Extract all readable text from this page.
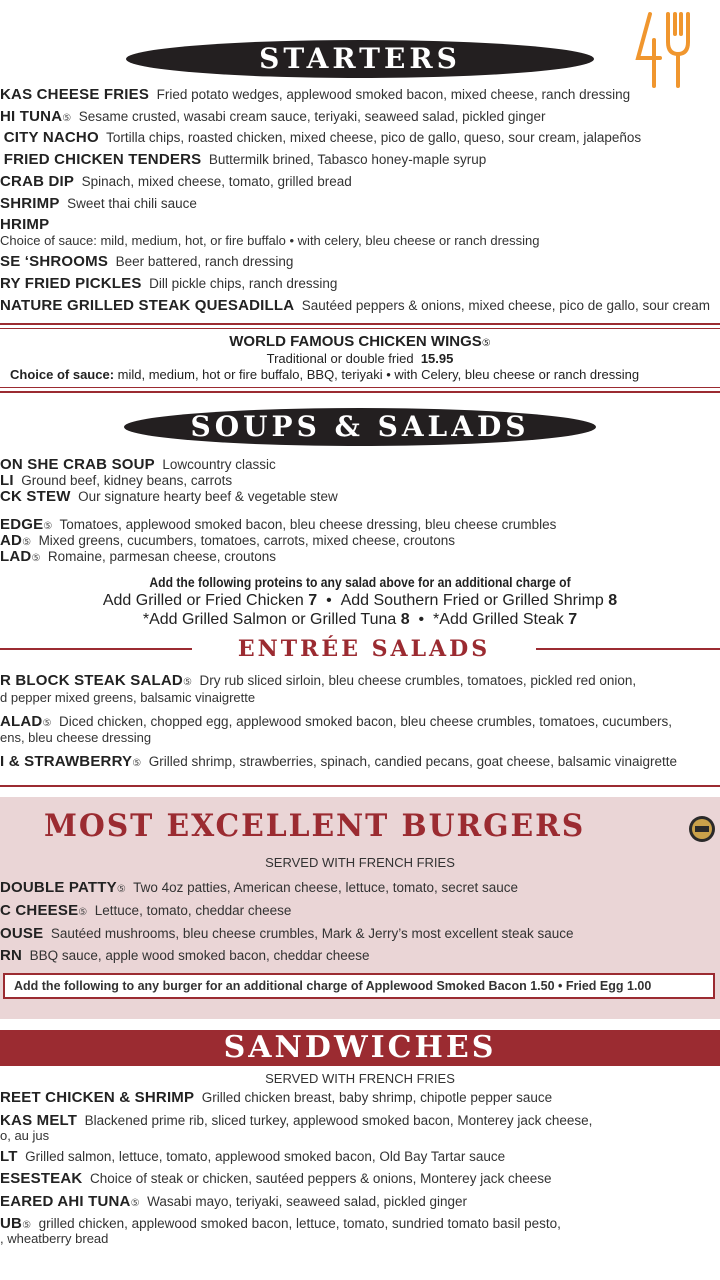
STARTERS
KAS CHEESE FRIES Fried potato wedges, applewood smoked bacon, mixed cheese, ranch dressing
HI TUNA⑤ Sesame crusted, wasabi cream sauce, teriyaki, seaweed salad, pickled ginger
CITY NACHO Tortilla chips, roasted chicken, mixed cheese, pico de gallo, queso, sour cream, jalapeños
FRIED CHICKEN TENDERS Buttermilk brined, Tabasco honey-maple syrup
CRAB DIP Spinach, mixed cheese, tomato, grilled bread
SHRIMP Sweet thai chili sauce
HRIMP
Choice of sauce: mild, medium, hot, or fire buffalo • with celery, bleu cheese or ranch dressing
SE ‘SHROOMS Beer battered, ranch dressing
RY FRIED PICKLES Dill pickle chips, ranch dressing
NATURE GRILLED STEAK QUESADILLA Sautéed peppers & onions, mixed cheese, pico de gallo, sour cream
WORLD FAMOUS CHICKEN WINGS⑤
Traditional or double fried 15.95
Choice of sauce: mild, medium, hot or fire buffalo, BBQ, teriyaki • with Celery, bleu cheese or ranch dressing
SOUPS & SALADS
ON SHE CRAB SOUP Lowcountry classic
LI Ground beef, kidney beans, carrots
CK STEW Our signature hearty beef & vegetable stew
EDGE⑤ Tomatoes, applewood smoked bacon, bleu cheese dressing, bleu cheese crumbles
AD⑤ Mixed greens, cucumbers, tomatoes, carrots, mixed cheese, croutons
LAD⑤ Romaine, parmesan cheese, croutons
Add the following proteins to any salad above for an additional charge of
Add Grilled or Fried Chicken 7  •  Add Southern Fried or Grilled Shrimp 8
*Add Grilled Salmon or Grilled Tuna 8  •  *Add Grilled Steak 7
ENTRÉE SALADS
R BLOCK STEAK SALAD⑤ Dry rub sliced sirloin, bleu cheese crumbles, tomatoes, pickled red onion,
d pepper mixed greens, balsamic vinaigrette
ALAD⑤ Diced chicken, chopped egg, applewood smoked bacon, bleu cheese crumbles, tomatoes, cucumbers,
ens, bleu cheese dressing
I & STRAWBERRY⑤ Grilled shrimp, strawberries, spinach, candied pecans, goat cheese, balsamic vinaigrette
MOST EXCELLENT BURGERS
SERVED WITH FRENCH FRIES
DOUBLE PATTY⑤ Two 4oz patties, American cheese, lettuce, tomato, secret sauce
C CHEESE⑤ Lettuce, tomato, cheddar cheese
OUSE Sautéed mushrooms, bleu cheese crumbles, Mark & Jerry’s most excellent steak sauce
RN BBQ sauce, apple wood smoked bacon, cheddar cheese
Add the following to any burger for an additional charge of Applewood Smoked Bacon 1.50 • Fried Egg 1.00
SANDWICHES
SERVED WITH FRENCH FRIES
REET CHICKEN & SHRIMP Grilled chicken breast, baby shrimp, chipotle pepper sauce
KAS MELT Blackened prime rib, sliced turkey, applewood smoked bacon, Monterey jack cheese,
o, au jus
LT Grilled salmon, lettuce, tomato, applewood smoked bacon, Old Bay Tartar sauce
ESESTEAK Choice of steak or chicken, sautéed peppers & onions, Monterey jack cheese
EARED AHI TUNA⑤ Wasabi mayo, teriyaki, seaweed salad, pickled ginger
UB⑤ grilled chicken, applewood smoked bacon, lettuce, tomato, sundried tomato basil pesto,
, wheatberry bread
